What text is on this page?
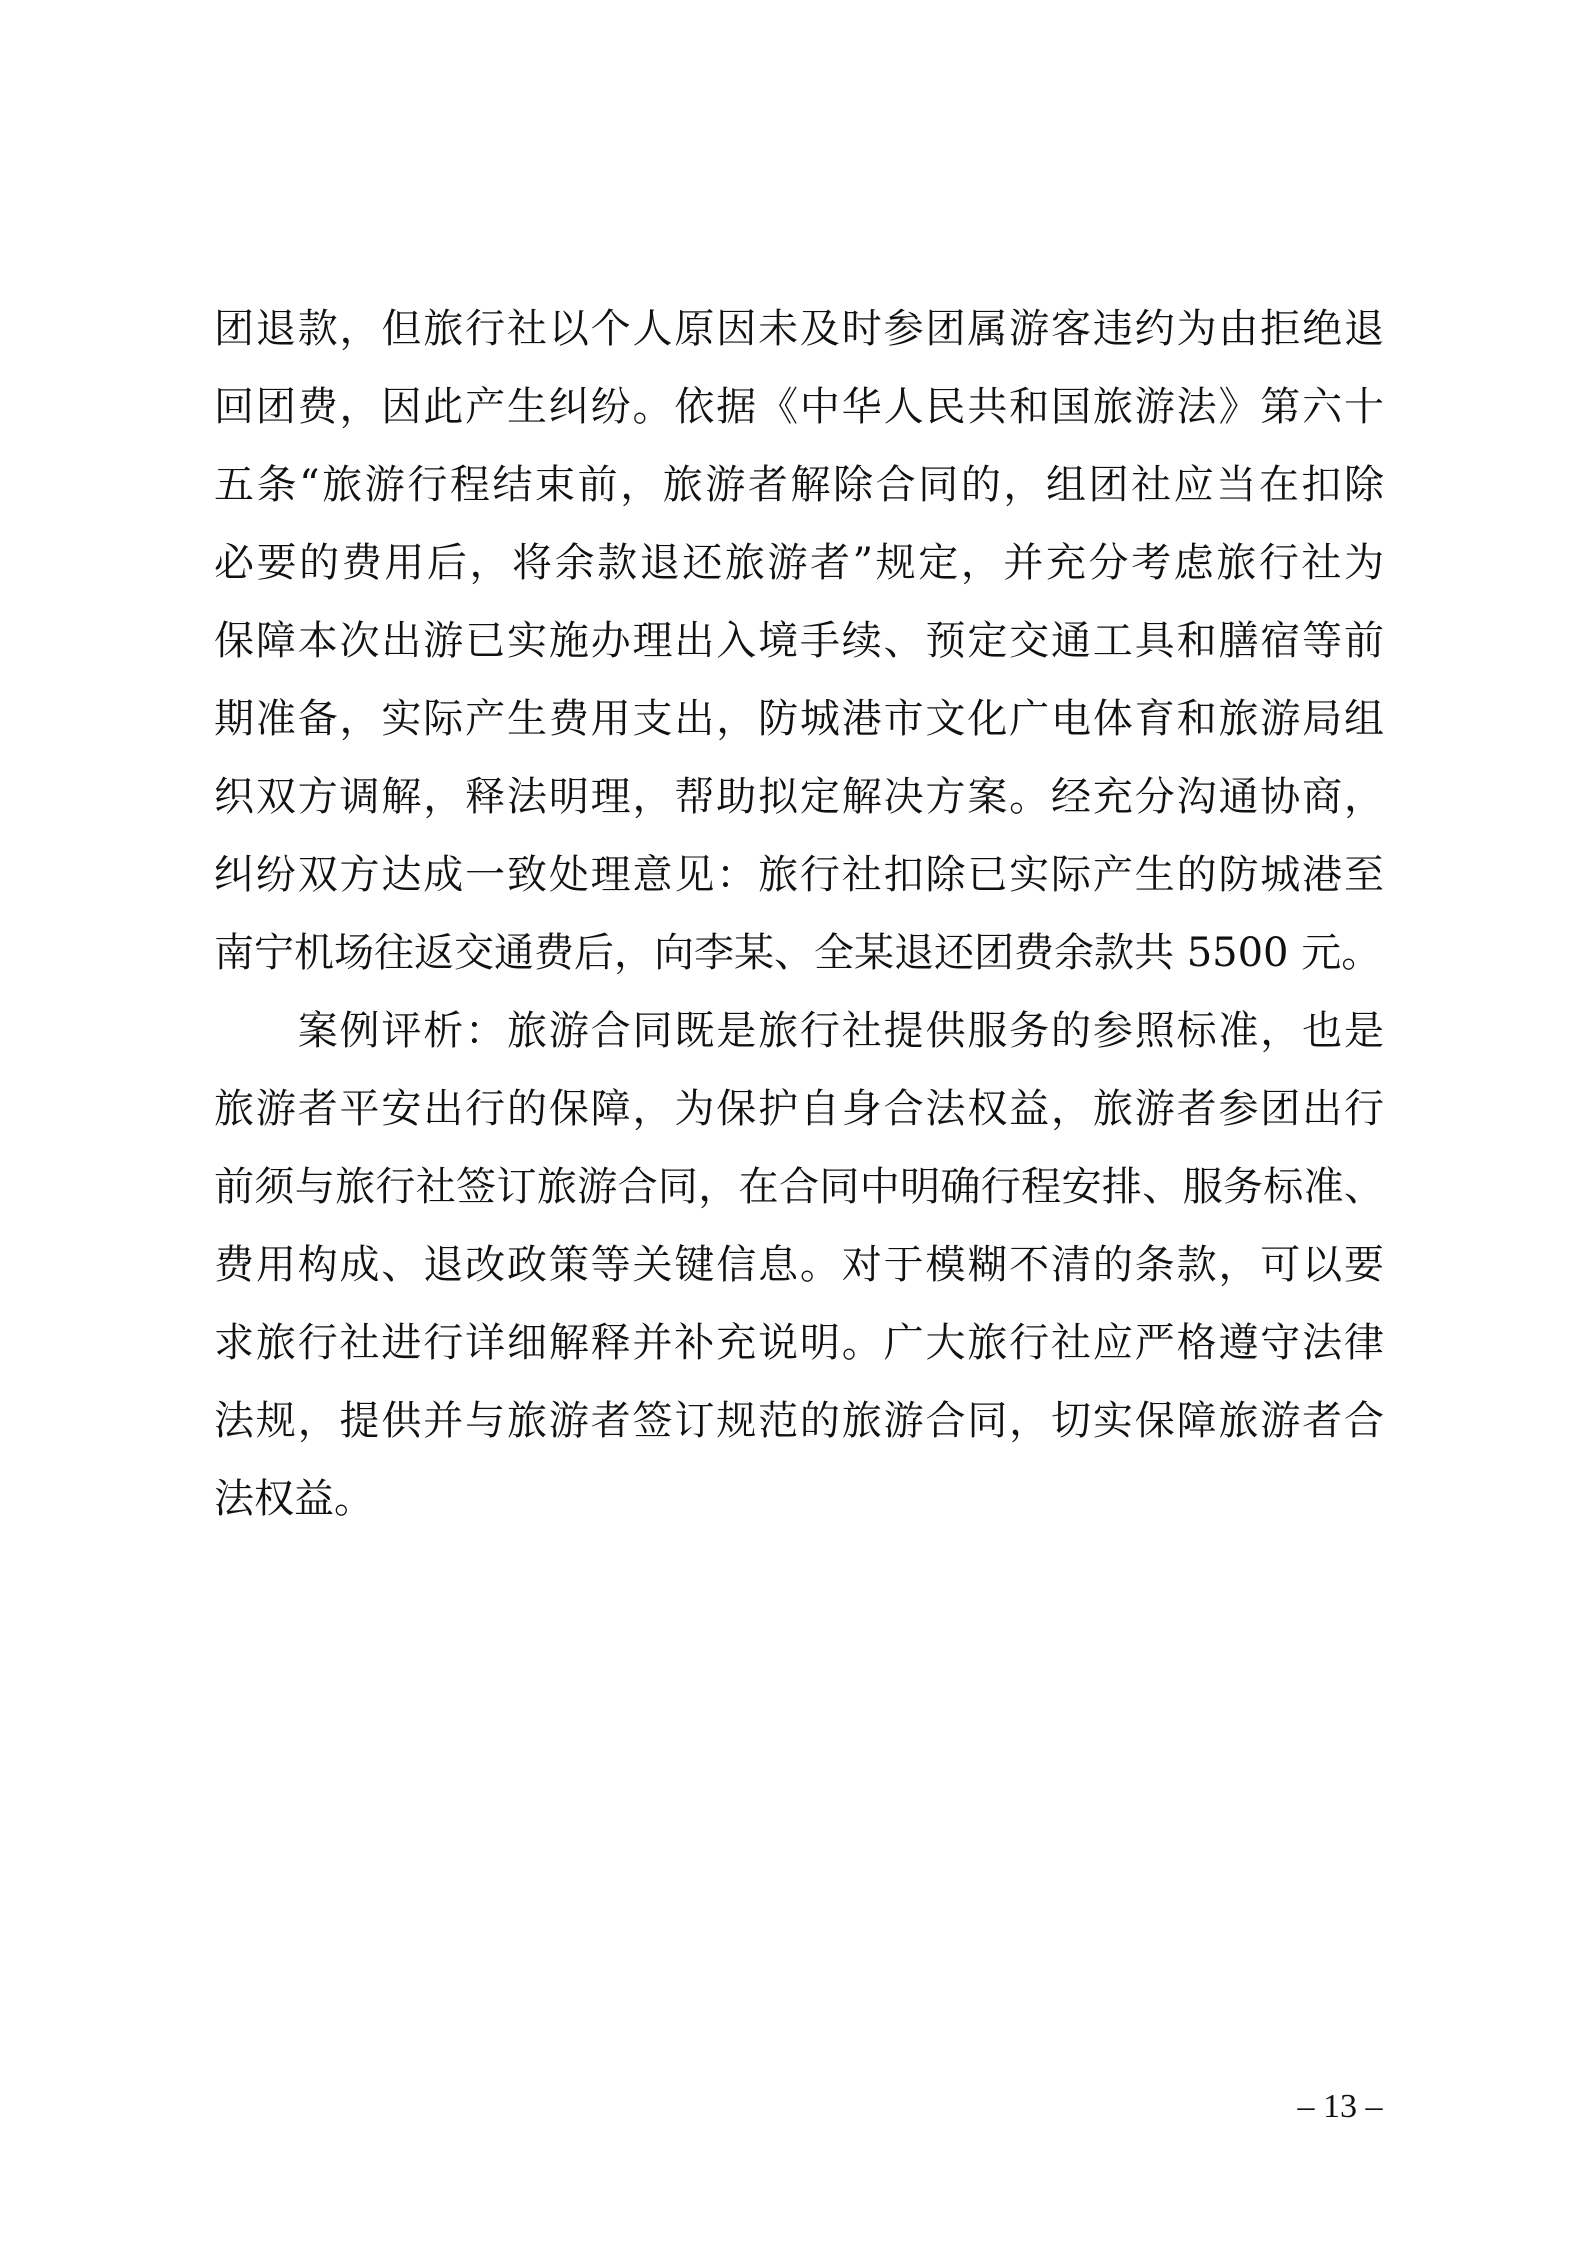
团退款，但旅行社以个人原因未及时参团属游客违约为由拒绝退
回团费，因此产生纠纷。依据《中华人民共和国旅游法》第六十
五条“旅游行程结束前，旅游者解除合同的，组团社应当在扣除
必要的费用后，将余款退还旅游者”规定，并充分考虑旅行社为
保障本次出游已实施办理出入境手续、预定交通工具和膳宿等前
期准备，实际产生费用支出，防城港市文化广电体育和旅游局组
织双方调解，释法明理，帮助拟定解决方案。经充分沟通协商，
纠纷双方达成一致处理意见：旅行社扣除已实际产生的防城港至
南宁机场往返交通费后，向李某、全某退还团费余款共 5500 元。
　　案例评析：旅游合同既是旅行社提供服务的参照标准，也是
旅游者平安出行的保障，为保护自身合法权益，旅游者参团出行
前须与旅行社签订旅游合同，在合同中明确行程安排、服务标准、
费用构成、退改政策等关键信息。对于模糊不清的条款，可以要
求旅行社进行详细解释并补充说明。广大旅行社应严格遵守法律
法规，提供并与旅游者签订规范的旅游合同，切实保障旅游者合
法权益。
– 13 –
